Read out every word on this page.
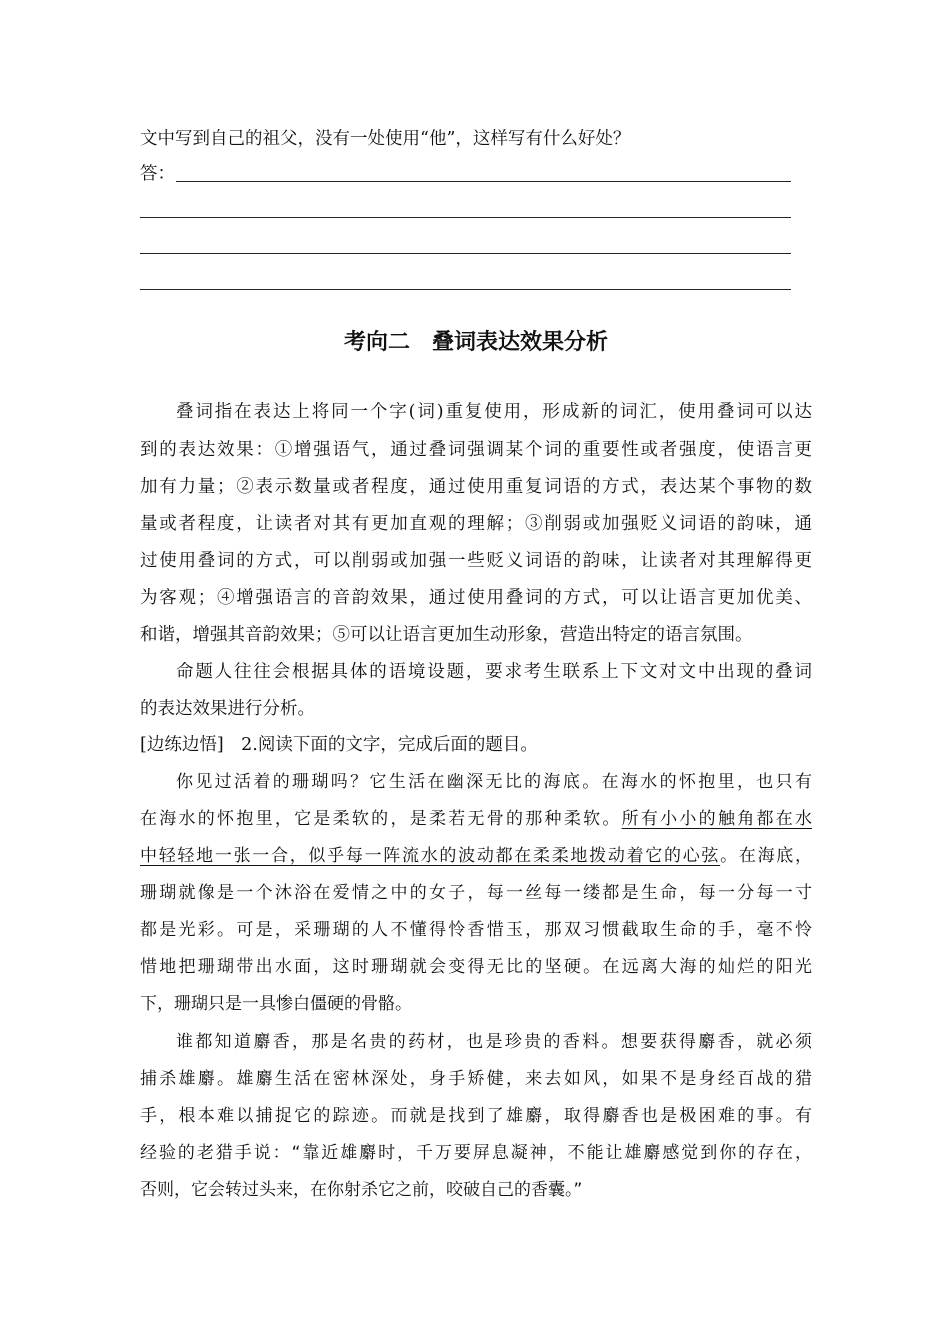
文中写到自己的祖父，没有一处使用“他”，这样写有什么好处？
答：
考向二　叠词表达效果分析
叠词指在表达上将同一个字(词)重复使用，形成新的词汇，使用叠词可以达
到的表达效果：①增强语气，通过叠词强调某个词的重要性或者强度，使语言更
加有力量；②表示数量或者程度，通过使用重复词语的方式，表达某个事物的数
量或者程度，让读者对其有更加直观的理解；③削弱或加强贬义词语的韵味，通
过使用叠词的方式，可以削弱或加强一些贬义词语的韵味，让读者对其理解得更
为客观；④增强语言的音韵效果，通过使用叠词的方式，可以让语言更加优美、
和谐，增强其音韵效果；⑤可以让语言更加生动形象，营造出特定的语言氛围。
命题人往往会根据具体的语境设题，要求考生联系上下文对文中出现的叠词
的表达效果进行分析。
[边练边悟]　 2.阅读下面的文字，完成后面的题目。
你见过活着的珊瑚吗？它生活在幽深无比的海底。在海水的怀抱里，也只有
在海水的怀抱里，它是柔软的，是柔若无骨的那种柔软。所有小小的触角都在水
中轻轻地一张一合，似乎每一阵流水的波动都在柔柔地拨动着它的心弦。在海底，
珊瑚就像是一个沐浴在爱情之中的女子，每一丝每一缕都是生命，每一分每一寸
都是光彩。可是，采珊瑚的人不懂得怜香惜玉，那双习惯截取生命的手，毫不怜
惜地把珊瑚带出水面，这时珊瑚就会变得无比的坚硬。在远离大海的灿烂的阳光
下，珊瑚只是一具惨白僵硬的骨骼。
谁都知道麝香，那是名贵的药材，也是珍贵的香料。想要获得麝香，就必须
捕杀雄麝。雄麝生活在密林深处，身手矫健，来去如风，如果不是身经百战的猎
手，根本难以捕捉它的踪迹。而就是找到了雄麝，取得麝香也是极困难的事。有
经验的老猎手说：“靠近雄麝时，千万要屏息凝神，不能让雄麝感觉到你的存在，
否则，它会转过头来，在你射杀它之前，咬破自己的香囊。”
